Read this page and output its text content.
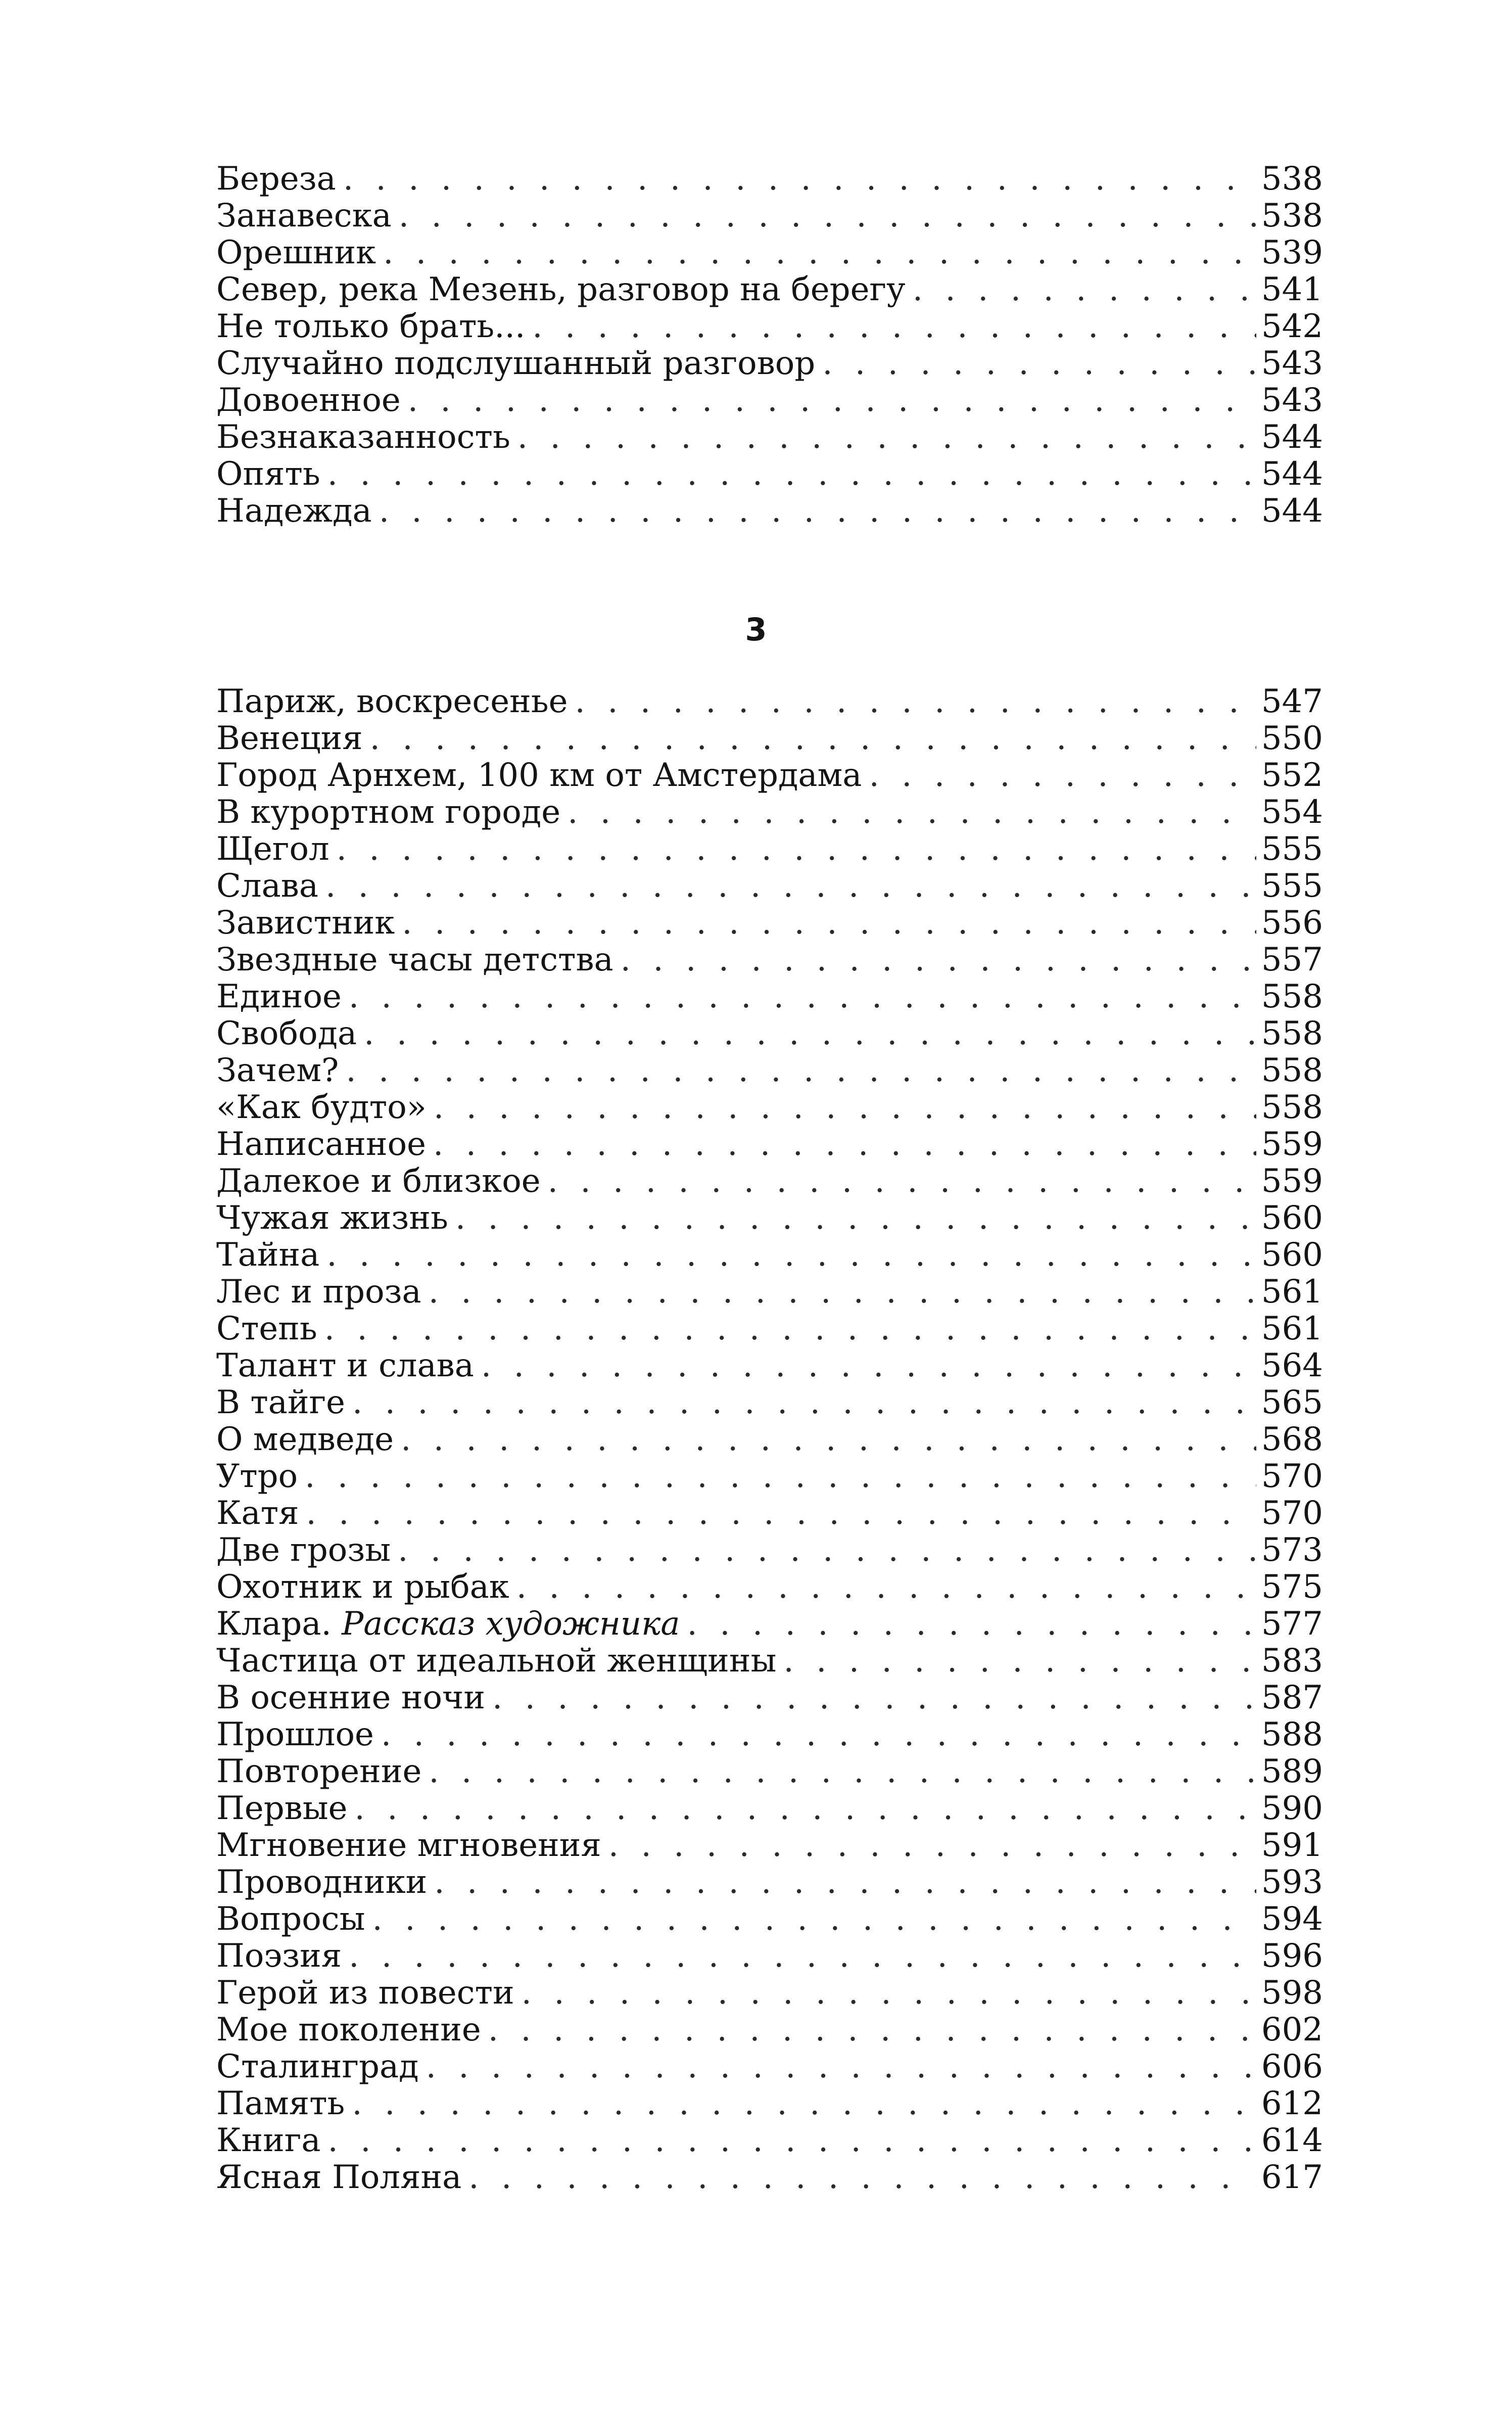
Береза . . .	538
Занавеска . . .	538
Орешник . . .	539
Север, река Мезень, разговор на берегу . . .	541
Не только брать... . . .	542
Случайно подслушанный разговор . . .	543
Довоенное . . .	543
Безнаказанность . . .	544
Опять . . .	544
Надежда . . .	544
3
Париж, воскресенье . . .	547
Венеция . . .	550
Город Арнхем, 100 км от Амстердама . . .	552
В курортном городе . . .	554
Щегол . . .	555
Слава . . .	555
Завистник . . .	556
Звездные часы детства . . .	557
Единое . . .	558
Свобода . . .	558
Зачем? . . .	558
«Как будто» . . .	558
Написанное . . .	559
Далекое и близкое . . .	559
Чужая жизнь . . .	560
Тайна . . .	560
Лес и проза . . .	561
Степь . . .	561
Талант и слава . . .	564
В тайге . . .	565
О медведе . . .	568
Утро . . .	570
Катя . . .	570
Две грозы . . .	573
Охотник и рыбак . . .	575
Клара. Рассказ художника . . .	577
Частица от идеальной женщины . . .	583
В осенние ночи . . .	587
Прошлое . . .	588
Повторение . . .	589
Первые . . .	590
Мгновение мгновения . . .	591
Проводники . . .	593
Вопросы . . .	594
Поэзия . . .	596
Герой из повести . . .	598
Мое поколение . . .	602
Сталинград . . .	606
Память . . .	612
Книга . . .	614
Ясная Поляна . . .	617
